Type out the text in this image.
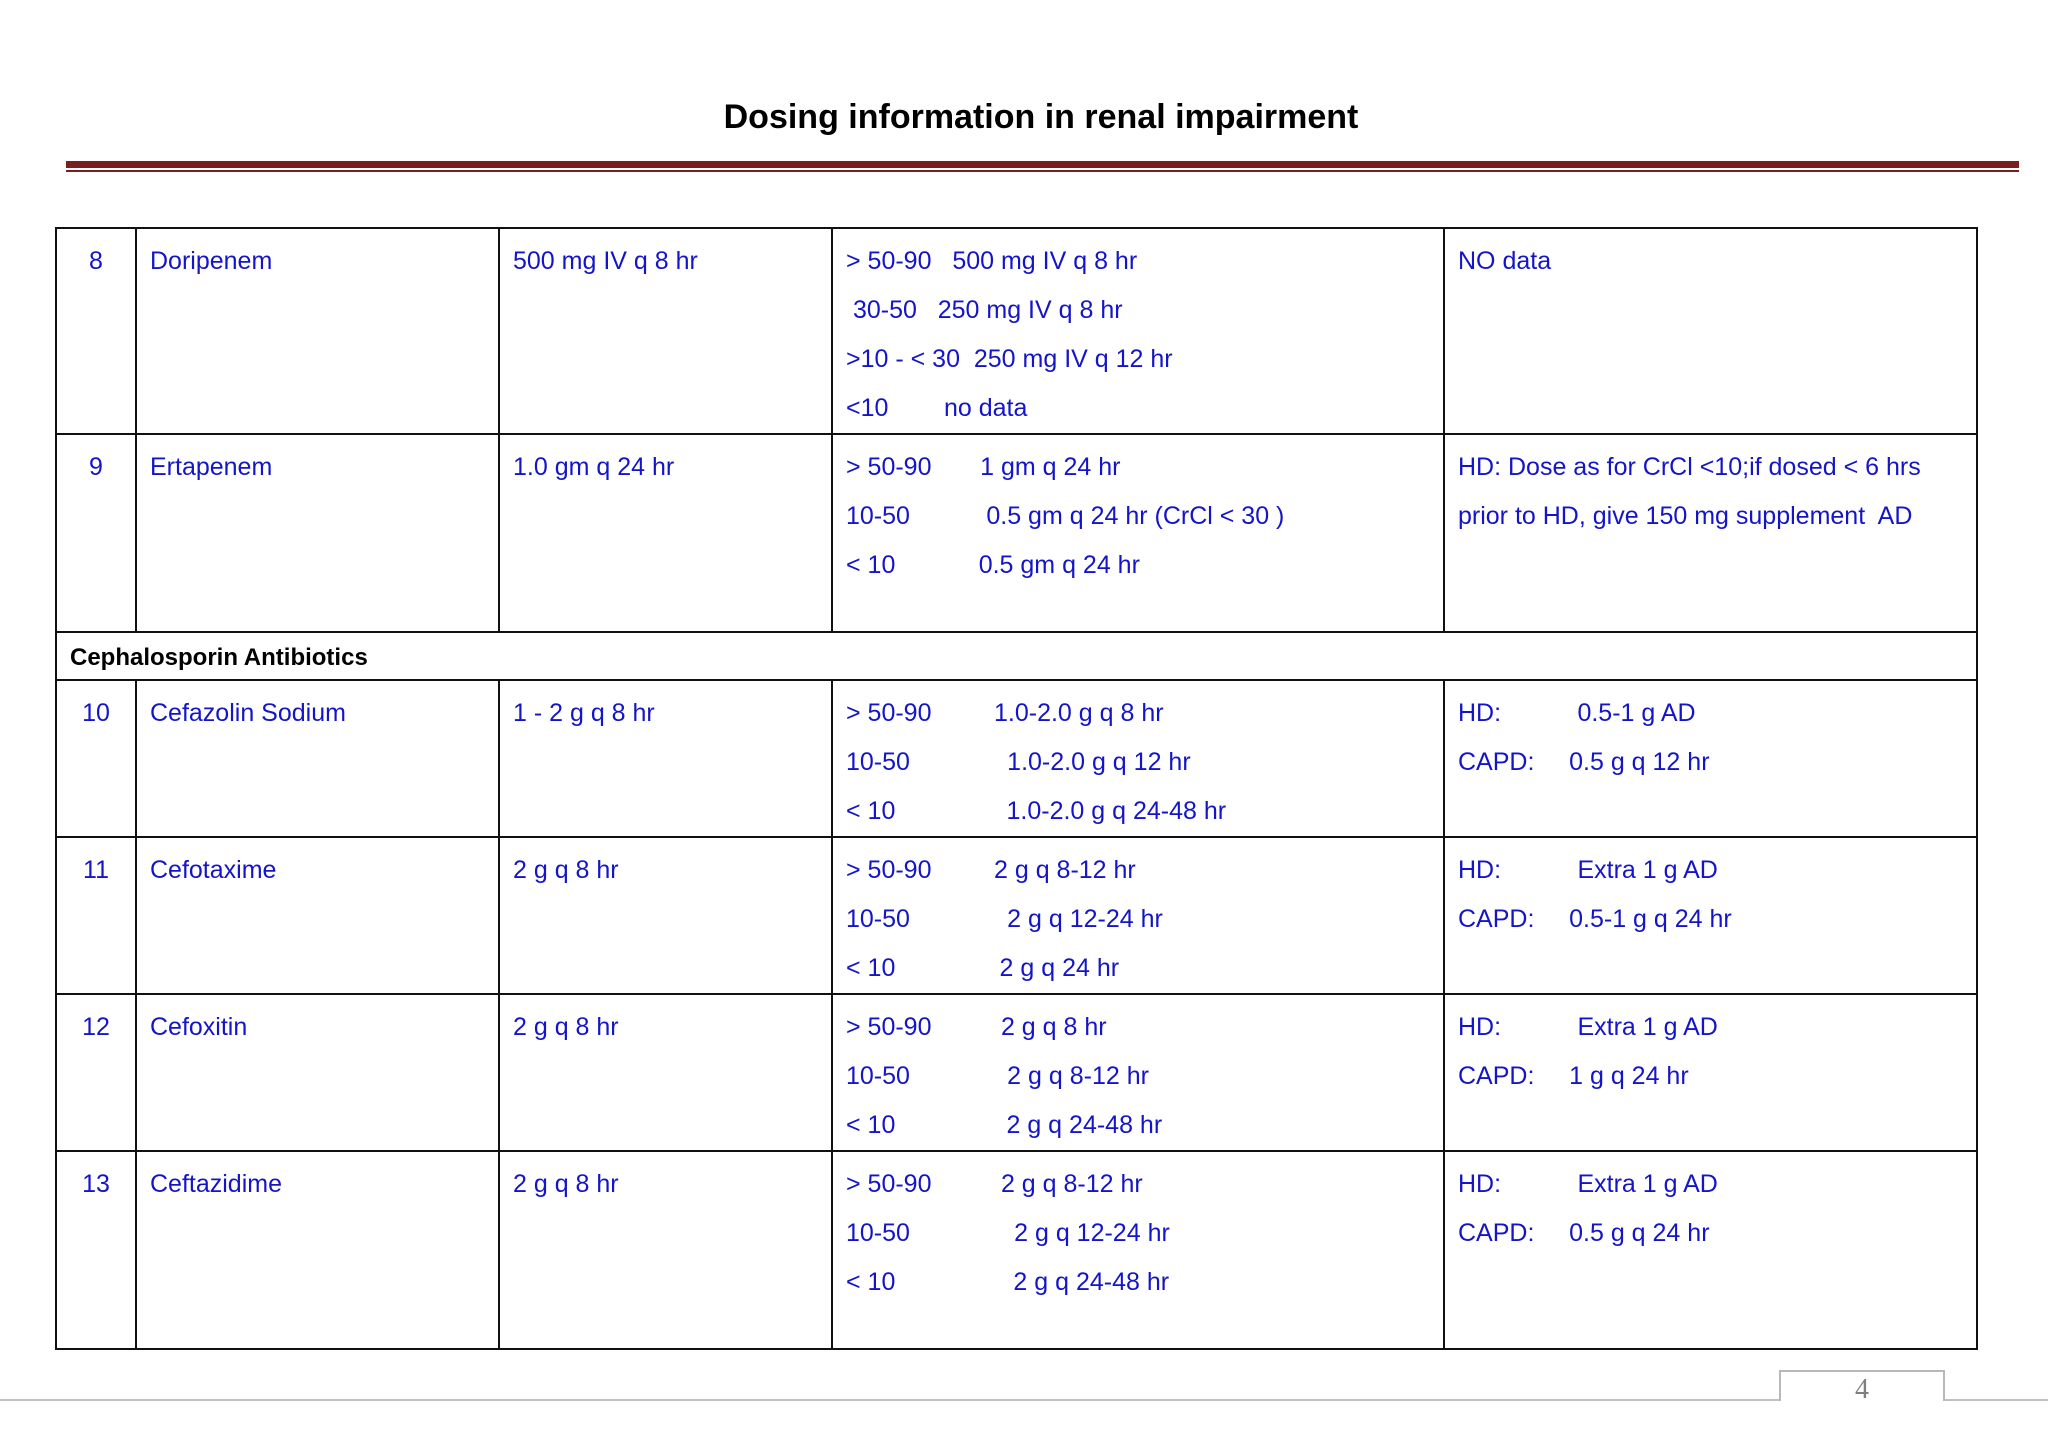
Dosing information in renal impairment
8	Doripenem	500 mg IV q 8 hr	> 50-90   500 mg IV q 8 hr
30-50   250 mg IV q 8 hr
>10 - < 30  250 mg IV q 12 hr
<10        no data	NO data

9	Ertapenem	1.0 gm q 24 hr	> 50-90       1 gm q 24 hr
10-50           0.5 gm q 24 hr (CrCl < 30 )
< 10            0.5 gm q 24 hr	HD: Dose as for CrCl <10;if dosed < 6 hrs
prior to HD, give 150 mg supplement  AD

Cephalosporin Antibiotics				
10	Cefazolin Sodium	1 - 2 g q 8 hr	> 50-90         1.0-2.0 g q 8 hr
10-50              1.0-2.0 g q 12 hr
< 10                1.0-2.0 g q 24-48 hr	HD:           0.5-1 g AD
CAPD:     0.5 g q 12 hr

11	Cefotaxime	2 g q 8 hr	> 50-90         2 g q 8-12 hr
10-50              2 g q 12-24 hr
< 10               2 g q 24 hr	HD:           Extra 1 g AD
CAPD:     0.5-1 g q 24 hr

12	Cefoxitin	2 g q 8 hr	> 50-90          2 g q 8 hr
10-50              2 g q 8-12 hr
< 10                2 g q 24-48 hr	HD:           Extra 1 g AD
CAPD:     1 g q 24 hr

13	Ceftazidime	2 g q 8 hr	> 50-90          2 g q 8-12 hr
10-50               2 g q 12-24 hr
< 10                 2 g q 24-48 hr	HD:           Extra 1 g AD
CAPD:     0.5 g q 24 hr
4
